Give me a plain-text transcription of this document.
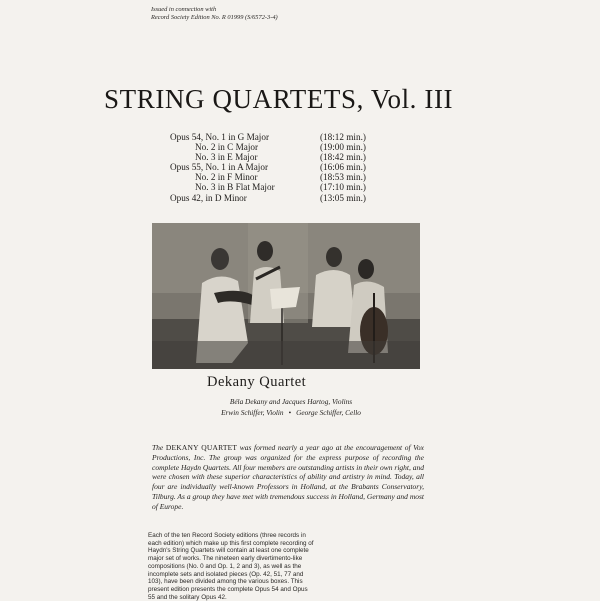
Issued in connection with
Record Society Edition No. R 01999 (S/6572-3-4)
STRING QUARTETS, Vol. III
Opus 54, No. 1 in G Major	(18:12 min.)
No. 2 in C Major	(19:00 min.)
No. 3 in E Major	(18:42 min.)
Opus 55, No. 1 in A Major	(16:06 min.)
No. 2 in F Minor	(18:53 min.)
No. 3 in B Flat Major	(17:10 min.)
Opus 42, in D Minor	(13:05 min.)
Dekany Quartet
Béla Dekany and Jacques Hartog, Violins
Erwin Schiffer, Violin • George Schiffer, Cello
The DEKANY QUARTET was formed nearly a year ago at the encouragement of Vox Productions, Inc. The group was organized for the express purpose of recording the complete Haydn Quartets. All four members are outstanding artists in their own right, and were chosen with these superior characteristics of ability and artistry in mind. Today, all four are individually well-known Professors in Holland, at the Brabants Conservatory, Tilburg. As a group they have met with tremendous success in Holland, Germany and most of Europe.
Each of the ten Record Society editions (three records in each edition) which make up this first complete recording of Haydn's String Quartets will contain at least one complete major set of works. The nineteen early divertimento-like compositions (No. 0 and Op. 1, 2 and 3), as well as the incomplete sets and isolated pieces (Op. 42, 51, 77 and 103), have been divided among the various boxes. This present edition presents the complete Opus 54 and Opus 55 and the solitary Opus 42.
